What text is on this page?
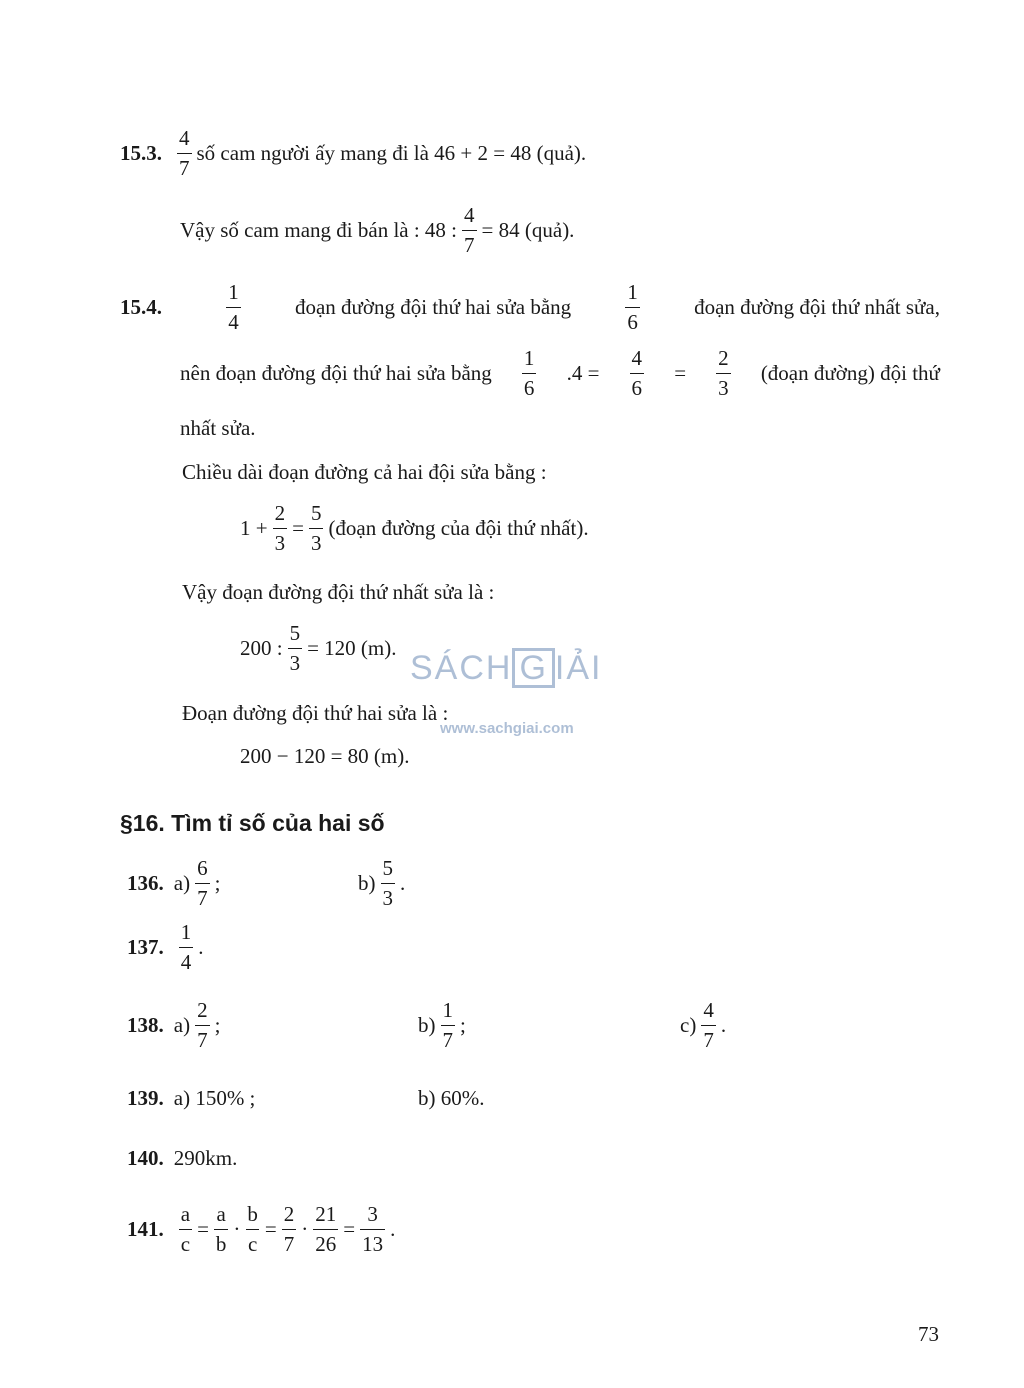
15.3. $\frac{4}{7}$ số cam người ấy mang đi là 46 + 2 = 48 (quả).
Vậy số cam mang đi bán là : 48 : $\frac{4}{7} = 84$ (quả).
15.4.	$\frac{1}{4}$	đoạn đường đội thứ hai sửa bằng	$\frac{1}{6}$	đoạn đường đội thứ nhất sửa,
nên đoạn đường đội thứ hai sửa bằng $\frac{1}{6} .4 = \frac{4}{6} = \frac{2}{3}$ (đoạn đường) đội thứ
nhất sửa.
Chiều dài đoạn đường cả hai đội sửa bằng :
$1 + \frac{2}{3} = \frac{5}{3}$ (đoạn đường của đội thứ nhất).
Vậy đoạn đường đội thứ nhất sửa là :
200 : $\frac{5}{3} = 120$ (m).
Đoạn đường đội thứ hai sửa là :
200 − 120 = 80 (m).
SÁCH G IẢI
www.sachgiai.com
§16. Tìm tỉ số của hai số
136. $a) \frac{6}{7}$ ;	$b) \frac{5}{3}$ .
137. $\frac{1}{4}$ .
138. $a) \frac{2}{7}$ ;	$b) \frac{1}{7}$ ;	$c) \frac{4}{7}$ .
139. a) 150% ;	b) 60%.
140. 290km.
141. $\frac{a}{c} = \frac{a}{b} \cdot \frac{b}{c} = \frac{2}{7} \cdot \frac{21}{26} = \frac{3}{13}$ .
73
